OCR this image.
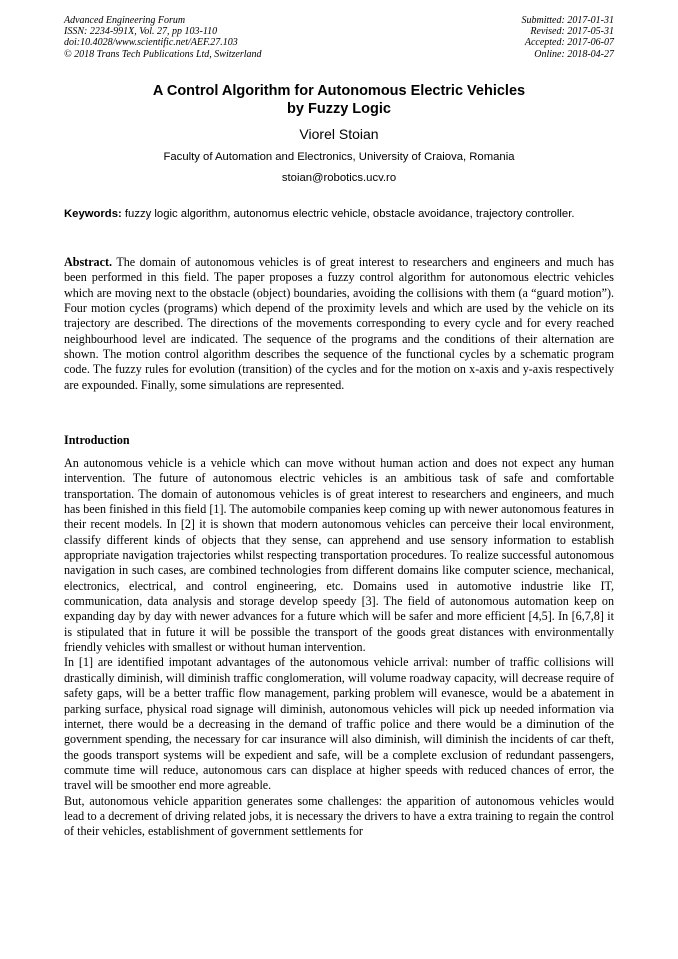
Advanced Engineering Forum
ISSN: 2234-991X, Vol. 27, pp 103-110
doi:10.4028/www.scientific.net/AEF.27.103
© 2018 Trans Tech Publications Ltd, Switzerland
Submitted: 2017-01-31
Revised: 2017-05-31
Accepted: 2017-06-07
Online: 2018-04-27
A Control Algorithm for Autonomous Electric Vehicles
by Fuzzy Logic
Viorel Stoian
Faculty of Automation and Electronics, University of Craiova, Romania
stoian@robotics.ucv.ro
Keywords: fuzzy logic algorithm, autonomus electric vehicle, obstacle avoidance, trajectory controller.
Abstract. The domain of autonomous vehicles is of great interest to researchers and engineers and much has been performed in this field. The paper proposes a fuzzy control algorithm for autonomous electric vehicles which are moving next to the obstacle (object) boundaries, avoiding the collisions with them (a “guard motion”). Four motion cycles (programs) which depend of the proximity levels and which are used by the vehicle on its trajectory are described. The directions of the movements corresponding to every cycle and for every reached neighbourhood level are indicated. The sequence of the programs and the conditions of their alternation are shown. The motion control algorithm describes the sequence of the functional cycles by a schematic program code. The fuzzy rules for evolution (transition) of the cycles and for the motion on x-axis and y-axis respectively are expounded. Finally, some simulations are represented.
Introduction

An autonomous vehicle is a vehicle which can move without human action and does not expect any human intervention. The future of autonomous electric vehicles is an ambitious task of safe and comfortable transportation. The domain of autonomous vehicles is of great interest to researchers and engineers, and much has been finished in this field [1]. The automobile companies keep coming up with newer autonomous features in their recent models. In [2] it is shown that modern autonomous vehicles can perceive their local environment, classify different kinds of objects that they sense, can apprehend and use sensory information to establish appropriate navigation trajectories whilst respecting transportation procedures. To realize successful autonomous navigation in such cases, are combined technologies from different domains like computer science, mechanical, electronics, electrical, and control engineering, etc. Domains used in automotive industrie like IT, communication, data analysis and storage develop speedy [3]. The field of autonomous automation keep on expanding day by day with newer advances for a future which will be safer and more efficient [4,5]. In [6,7,8] it is stipulated that in future it will be possible the transport of the goods great distances with environmentally friendly vehicles with smallest or without human intervention.

In [1] are identified impotant advantages of the autonomous vehicle arrival: number of traffic collisions will drastically diminish, will diminish traffic conglomeration, will volume roadway capacity, will decrease require of safety gaps, will be a better traffic flow management, parking problem will evanesce, would be a abatement in parking surface, physical road signage will diminish, autonomous vehicles will pick up needed information via internet, there would be a decreasing in the demand of traffic police and there would be a diminution of the government spending, the necessary for car insurance will also diminish, will diminish the incidents of car theft, the goods transport systems will be expedient and safe, will be a complete exclusion of redundant passengers, commute time will reduce, autonomous cars can displace at higher speeds with reduced chances of error, the travel will be smoother end more agreable.

But, autonomous vehicle apparition generates some challenges: the apparition of autonomous vehicles would lead to a decrement of driving related jobs, it is necessary the drivers to have a extra training to regain the control of their vehicles, establishment of government settlements for
